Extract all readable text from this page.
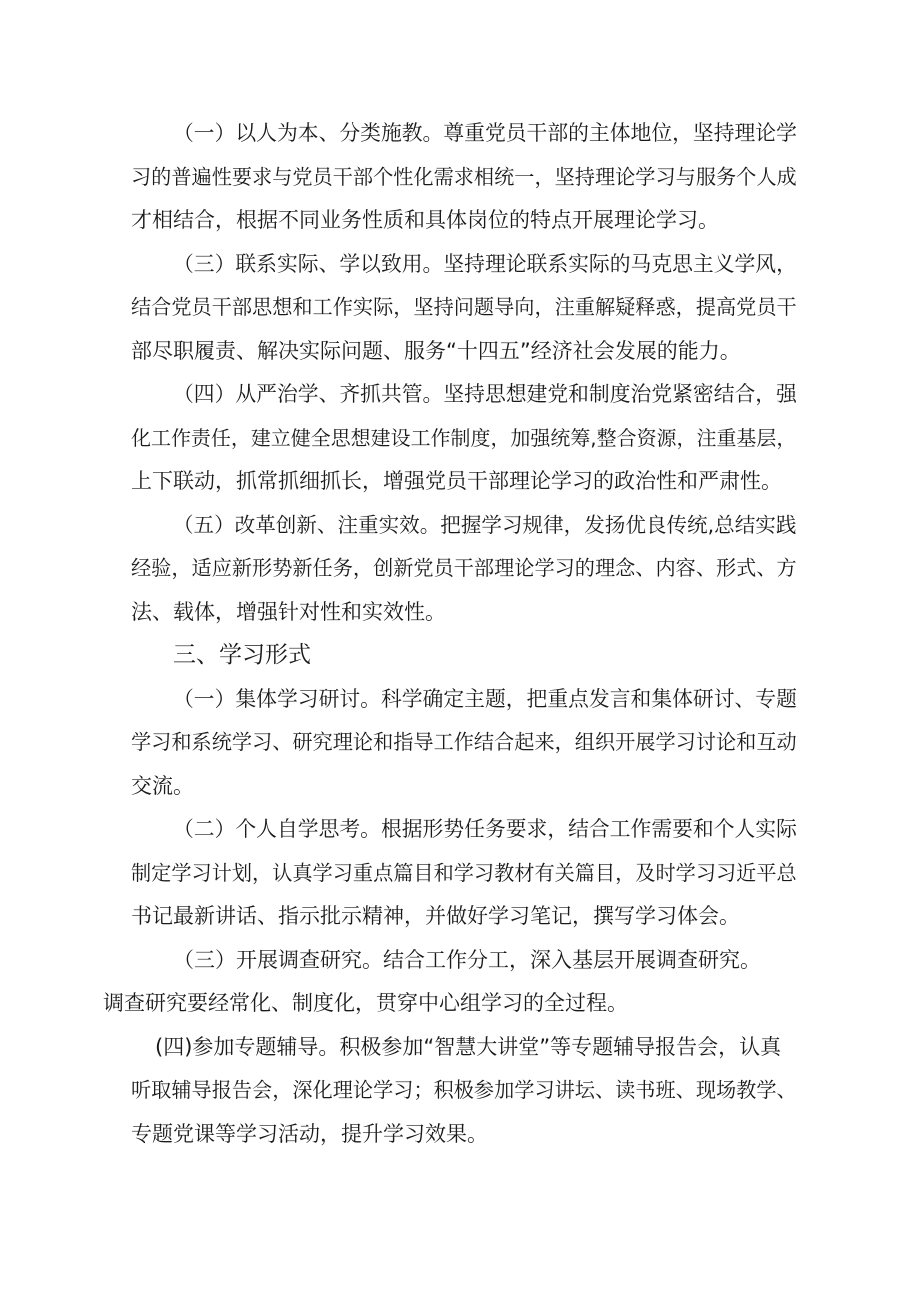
（一）以人为本、分类施教。尊重党员干部的主体地位，坚持理论学
习的普遍性要求与党员干部个性化需求相统一，坚持理论学习与服务个人成
才相结合，根据不同业务性质和具体岗位的特点开展理论学习。

（三）联系实际、学以致用。坚持理论联系实际的马克思主义学风，
结合党员干部思想和工作实际，坚持问题导向，注重解疑释惑，提高党员干
部尽职履责、解决实际问题、服务“十四五”经济社会发展的能力。

（四）从严治学、齐抓共管。坚持思想建党和制度治党紧密结合，强
化工作责任，建立健全思想建设工作制度，加强统筹,整合资源，注重基层，
上下联动，抓常抓细抓长，增强党员干部理论学习的政治性和严肃性。

（五）改革创新、注重实效。把握学习规律，发扬优良传统,总结实践
经验，适应新形势新任务，创新党员干部理论学习的理念、内容、形式、方
法、载体，增强针对性和实效性。

三、学习形式

（一）集体学习研讨。科学确定主题，把重点发言和集体研讨、专题
学习和系统学习、研究理论和指导工作结合起来，组织开展学习讨论和互动
交流。

（二）个人自学思考。根据形势任务要求，结合工作需要和个人实际
制定学习计划，认真学习重点篇目和学习教材有关篇目，及时学习习近平总
书记最新讲话、指示批示精神，并做好学习笔记，撰写学习体会。

（三）开展调查研究。结合工作分工，深入基层开展调查研究。
调查研究要经常化、制度化，贯穿中心组学习的全过程。

(四)参加专题辅导。积极参加“智慧大讲堂”等专题辅导报告会，认真
听取辅导报告会，深化理论学习；积极参加学习讲坛、读书班、现场教学、
专题党课等学习活动，提升学习效果。
